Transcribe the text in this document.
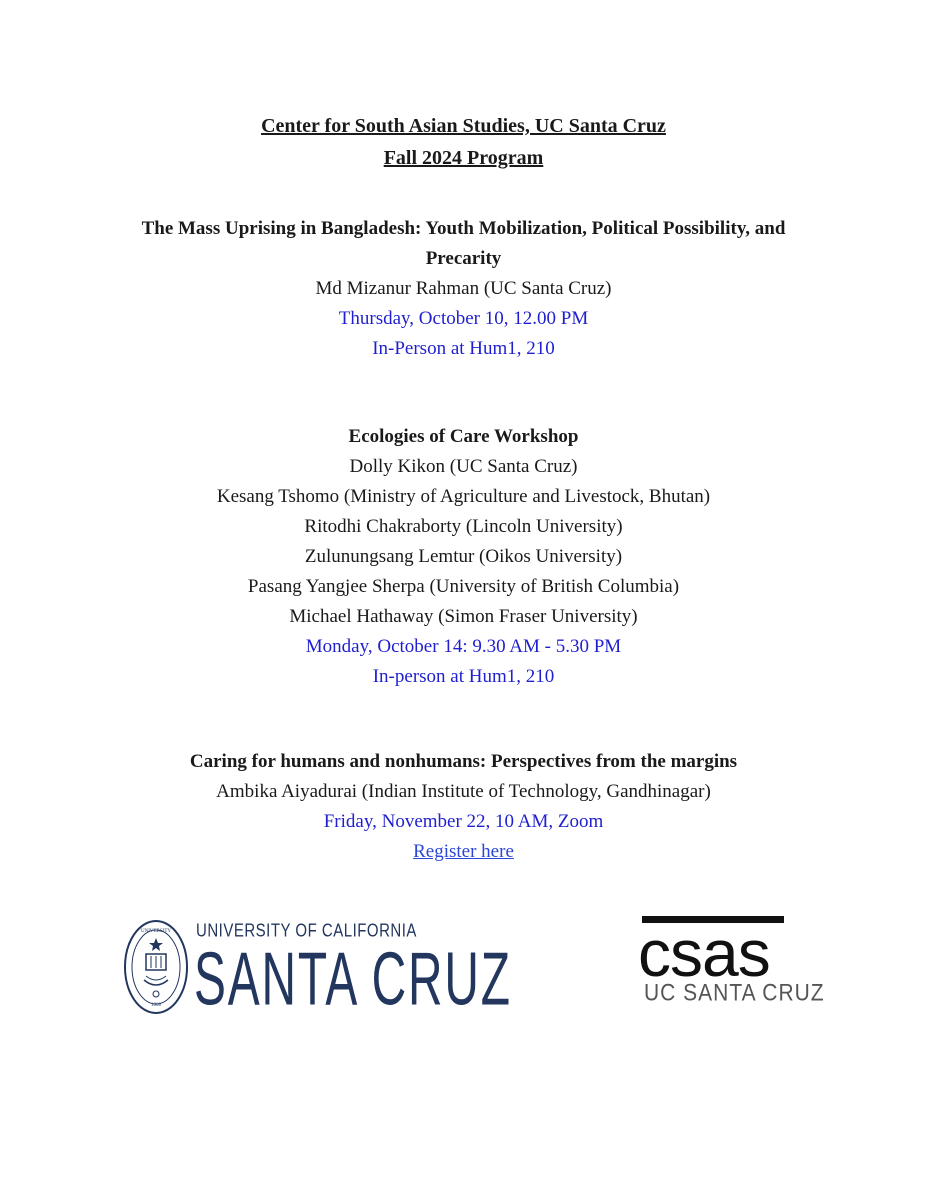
Center for South Asian Studies, UC Santa Cruz
Fall 2024 Program
The Mass Uprising in Bangladesh: Youth Mobilization, Political Possibility, and
Precarity
Md Mizanur Rahman (UC Santa Cruz)
Thursday, October 10, 12.00 PM
In-Person at Hum1, 210
Ecologies of Care Workshop
Dolly Kikon (UC Santa Cruz)
Kesang Tshomo (Ministry of Agriculture and Livestock, Bhutan)
Ritodhi Chakraborty (Lincoln University)
Zulunungsang Lemtur (Oikos University)
Pasang Yangjee Sherpa (University of British Columbia)
Michael Hathaway (Simon Fraser University)
Monday, October 14: 9.30 AM - 5.30 PM
In-person at Hum1, 210
Caring for humans and nonhumans: Perspectives from the margins
Ambika Aiyadurai (Indian Institute of Technology, Gandhinagar)
Friday, November 22, 10 AM, Zoom
Register here
UNIVERSITY
1868
UNIVERSITY OF CALIFORNIA
SANTA CRUZ csas
UC SANTA CRUZ
